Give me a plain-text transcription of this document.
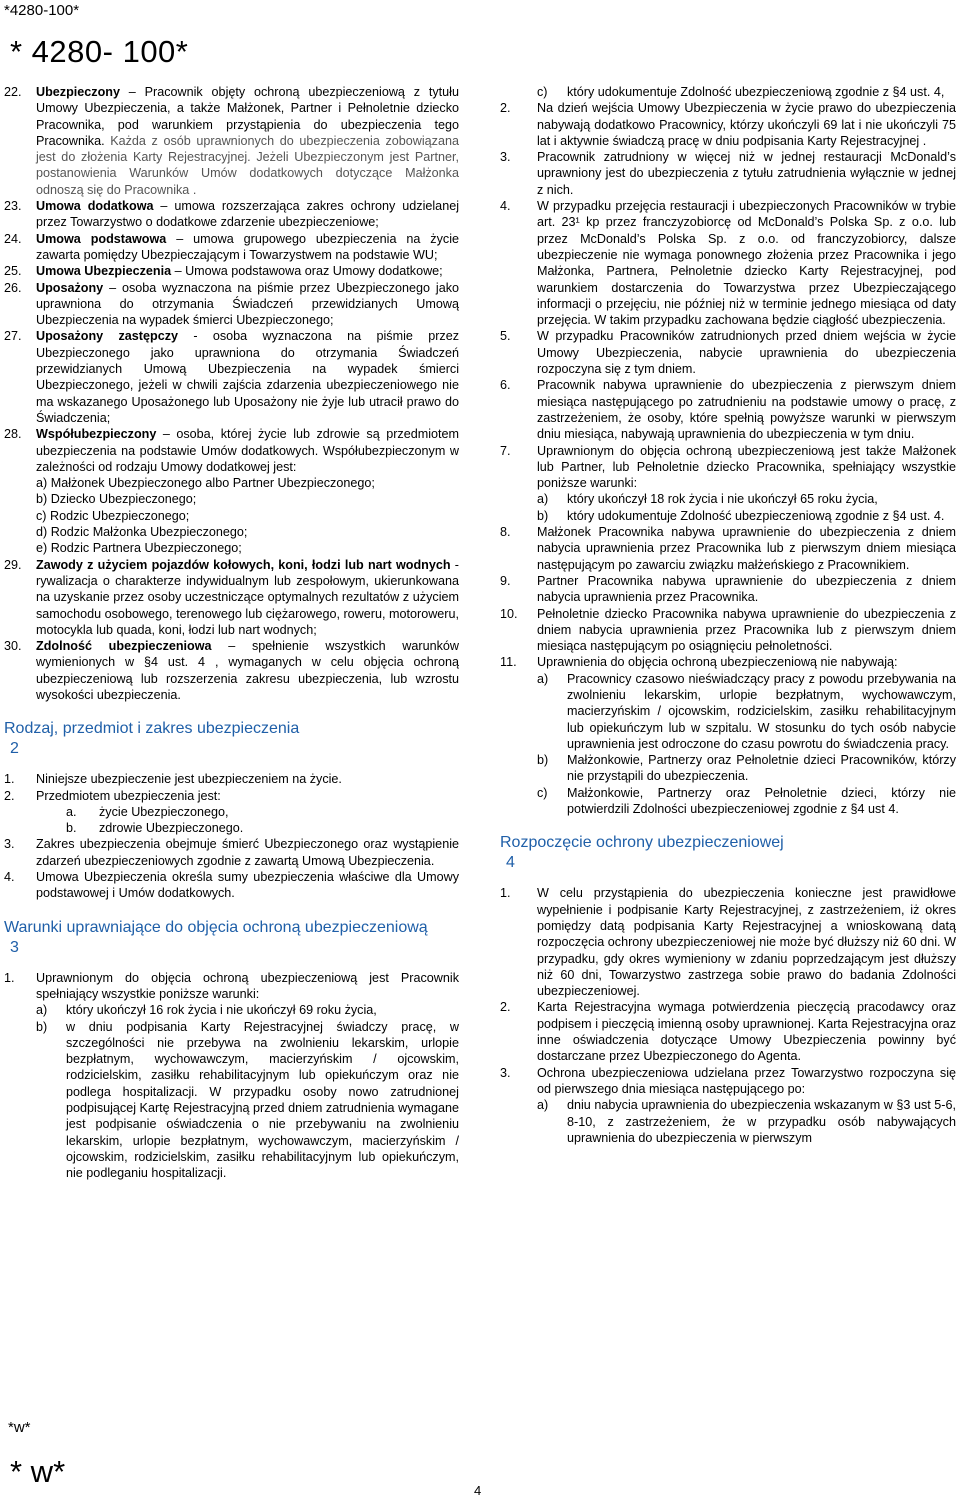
*4280-100*
* 4280- 100*
22.	Ubezpieczony – Pracownik objęty ochroną ubezpieczeniową z tytułu Umowy Ubezpieczenia, a także Małżonek, Partner i Pełnoletnie dziecko Pracownika, pod warunkiem przystąpienia do ubezpieczenia tego Pracownika. Każda z osób uprawnionych do ubezpieczenia zobowiązana jest do złożenia Karty Rejestracyjnej. Jeżeli Ubezpieczonym jest Partner, postanowienia Warunków Umów dodatkowych dotyczące Małżonka odnoszą się do Pracownika .
23.	Umowa dodatkowa – umowa rozszerzająca zakres ochrony udzielanej przez Towarzystwo o dodatkowe zdarzenie ubezpieczeniowe;
24.	Umowa podstawowa – umowa grupowego ubezpieczenia na życie zawarta pomiędzy Ubezpieczającym i Towarzystwem na podstawie WU;
25.	Umowa Ubezpieczenia – Umowa podstawowa oraz Umowy dodatkowe;
26.	Uposażony – osoba wyznaczona na piśmie przez Ubezpieczonego jako uprawniona do otrzymania Świadczeń przewidzianych Umową Ubezpieczenia na wypadek śmierci Ubezpieczonego;
27.	Uposażony zastępczy - osoba wyznaczona na piśmie przez Ubezpieczonego jako uprawniona do otrzymania Świadczeń przewidzianych Umową Ubezpieczenia na wypadek śmierci Ubezpieczonego, jeżeli w chwili zajścia zdarzenia ubezpieczeniowego nie ma wskazanego Uposażonego lub Uposażony nie żyje lub utracił prawo do Świadczenia;
28.	Współubezpieczony – osoba, której życie lub zdrowie są przedmiotem ubezpieczenia na podstawie Umów dodatkowych. Współubezpieczonym w zależności od rodzaju Umowy dodatkowej jest:
a) Małżonek Ubezpieczonego albo Partner Ubezpieczonego;
b) Dziecko Ubezpieczonego;
c) Rodzic Ubezpieczonego;
d) Rodzic Małżonka Ubezpieczonego;
e) Rodzic Partnera Ubezpieczonego;
29.	Zawody z użyciem pojazdów kołowych, koni, łodzi lub nart wodnych - rywalizacja o charakterze indywidualnym lub zespołowym, ukierunkowana na uzyskanie przez osoby uczestniczące optymalnych rezultatów z użyciem samochodu osobowego, terenowego lub ciężarowego, roweru, motoroweru, motocykla lub quada, koni, łodzi lub nart wodnych;
30.	Zdolność ubezpieczeniowa – spełnienie wszystkich warunków wymienionych w §4 ust. 4 , wymaganych w celu objęcia ochroną ubezpieczeniową lub rozszerzenia zakresu ubezpieczenia, lub wzrostu wysokości ubezpieczenia.
Rodzaj, przedmiot i zakres ubezpieczenia
2
1.	Niniejsze ubezpieczenie jest ubezpieczeniem na życie.
2.	Przedmiotem ubezpieczenia jest:
a.	życie Ubezpieczonego,
b.	zdrowie Ubezpieczonego.
3.	Zakres ubezpieczenia obejmuje śmierć Ubezpieczonego oraz wystąpienie zdarzeń ubezpieczeniowych zgodnie z zawartą Umową Ubezpieczenia.
4.	Umowa Ubezpieczenia określa sumy ubezpieczenia właściwe dla Umowy podstawowej i Umów dodatkowych.
Warunki uprawniające do objęcia ochroną ubezpieczeniową
3
1.	Uprawnionym do objęcia ochroną ubezpieczeniową jest Pracownik spełniający wszystkie poniższe warunki:
a)	który ukończył 16 rok życia i nie ukończył 69 roku życia,
b)	w dniu podpisania Karty Rejestracyjnej świadczy pracę, w szczególności nie przebywa na zwolnieniu lekarskim, urlopie bezpłatnym, wychowawczym, macierzyńskim / ojcowskim, rodzicielskim, zasiłku rehabilitacyjnym lub opiekuńczym oraz nie podlega hospitalizacji. W przypadku osoby nowo zatrudnionej podpisującej Kartę Rejestracyjną przed dniem zatrudnienia wymagane jest podpisanie oświadczenia o nie przebywaniu na zwolnieniu lekarskim, urlopie bezpłatnym, wychowawczym, macierzyńskim / ojcowskim, rodzicielskim, zasiłku rehabilitacyjnym lub opiekuńczym, nie podleganiu hospitalizacji.
c)	który udokumentuje Zdolność ubezpieczeniową zgodnie z §4 ust. 4,
2.	Na dzień wejścia Umowy Ubezpieczenia w życie prawo do ubezpieczenia nabywają dodatkowo Pracownicy, którzy ukończyli 69 lat i nie ukończyli 75 lat i aktywnie świadczą pracę w dniu podpisania Karty Rejestracyjnej .
3.	Pracownik zatrudniony w więcej niż w jednej restauracji McDonald’s uprawniony jest do ubezpieczenia z tytułu zatrudnienia wyłącznie w jednej z nich.
4.	W przypadku przejęcia restauracji i ubezpieczonych Pracowników w trybie art. 23¹ kp przez franczyzobiorcę od McDonald’s Polska Sp. z o.o. lub przez McDonald’s Polska Sp. z o.o. od franczyzobiorcy, dalsze ubezpieczenie nie wymaga ponownego złożenia przez Pracownika i jego Małżonka, Partnera, Pełnoletnie dziecko Karty Rejestracyjnej, pod warunkiem dostarczenia do Towarzystwa przez Ubezpieczającego informacji o przejęciu, nie później niż w terminie jednego miesiąca od daty przejęcia. W takim przypadku zachowana będzie ciągłość ubezpieczenia.
5.	W przypadku Pracowników zatrudnionych przed dniem wejścia w życie Umowy Ubezpieczenia, nabycie uprawnienia do ubezpieczenia rozpoczyna się z tym dniem.
6.	Pracownik nabywa uprawnienie do ubezpieczenia z pierwszym dniem miesiąca następującego po zatrudnieniu na podstawie umowy o pracę, z zastrzeżeniem, że osoby, które spełnią powyższe warunki w pierwszym dniu miesiąca, nabywają uprawnienia do ubezpieczenia w tym dniu.
7.	Uprawnionym do objęcia ochroną ubezpieczeniową jest także Małżonek lub Partner, lub Pełnoletnie dziecko Pracownika, spełniający wszystkie poniższe warunki:
a)	który ukończył 18 rok życia i nie ukończył 65 roku życia,
b)	który udokumentuje Zdolność ubezpieczeniową zgodnie z §4 ust. 4.
8.	Małżonek Pracownika nabywa uprawnienie do ubezpieczenia z dniem nabycia uprawnienia przez Pracownika lub z pierwszym dniem miesiąca następującym po zawarciu związku małżeńskiego z Pracownikiem.
9.	Partner Pracownika nabywa uprawnienie do ubezpieczenia z dniem nabycia uprawnienia przez Pracownika.
10.	Pełnoletnie dziecko Pracownika nabywa uprawnienie do ubezpieczenia z dniem nabycia uprawnienia przez Pracownika lub z pierwszym dniem miesiąca następującym po osiągnięciu pełnoletności.
11.	Uprawnienia do objęcia ochroną ubezpieczeniową nie nabywają:
a)	Pracownicy czasowo nieświadczący pracy z powodu przebywania na zwolnieniu lekarskim, urlopie bezpłatnym, wychowawczym, macierzyńskim / ojcowskim, rodzicielskim, zasiłku rehabilitacyjnym lub opiekuńczym lub w szpitalu. W stosunku do tych osób nabycie uprawnienia jest odroczone do czasu powrotu do świadczenia pracy.
b)	Małżonkowie, Partnerzy oraz Pełnoletnie dzieci Pracowników, którzy nie przystąpili do ubezpieczenia.
c)	Małżonkowie, Partnerzy oraz Pełnoletnie dzieci, którzy nie potwierdzili Zdolności ubezpieczeniowej zgodnie z §4 ust 4.
Rozpoczęcie ochrony ubezpieczeniowej
4
1.	W celu przystąpienia do ubezpieczenia konieczne jest prawidłowe wypełnienie i podpisanie Karty Rejestracyjnej, z zastrzeżeniem, iż okres pomiędzy datą podpisania Karty Rejestracyjnej a wnioskowaną datą rozpoczęcia ochrony ubezpieczeniowej nie może być dłuższy niż 60 dni. W przypadku, gdy okres wymieniony w zdaniu poprzedzającym jest dłuższy niż 60 dni, Towarzystwo zastrzega sobie prawo do badania Zdolności ubezpieczeniowej.
2.	Karta Rejestracyjna wymaga potwierdzenia pieczęcią pracodawcy oraz podpisem i pieczęcią imienną osoby uprawnionej. Karta Rejestracyjna oraz inne oświadczenia dotyczące Umowy Ubezpieczenia powinny być dostarczane przez Ubezpieczonego do Agenta.
3.	Ochrona ubezpieczeniowa udzielana przez Towarzystwo rozpoczyna się od pierwszego dnia miesiąca następującego po:
a)	dniu nabycia uprawnienia do ubezpieczenia wskazanym w §3 ust 5-6, 8-10, z zastrzeżeniem, że w przypadku osób nabywających uprawnienia do ubezpieczenia w pierwszym
*w*
* w*
4
